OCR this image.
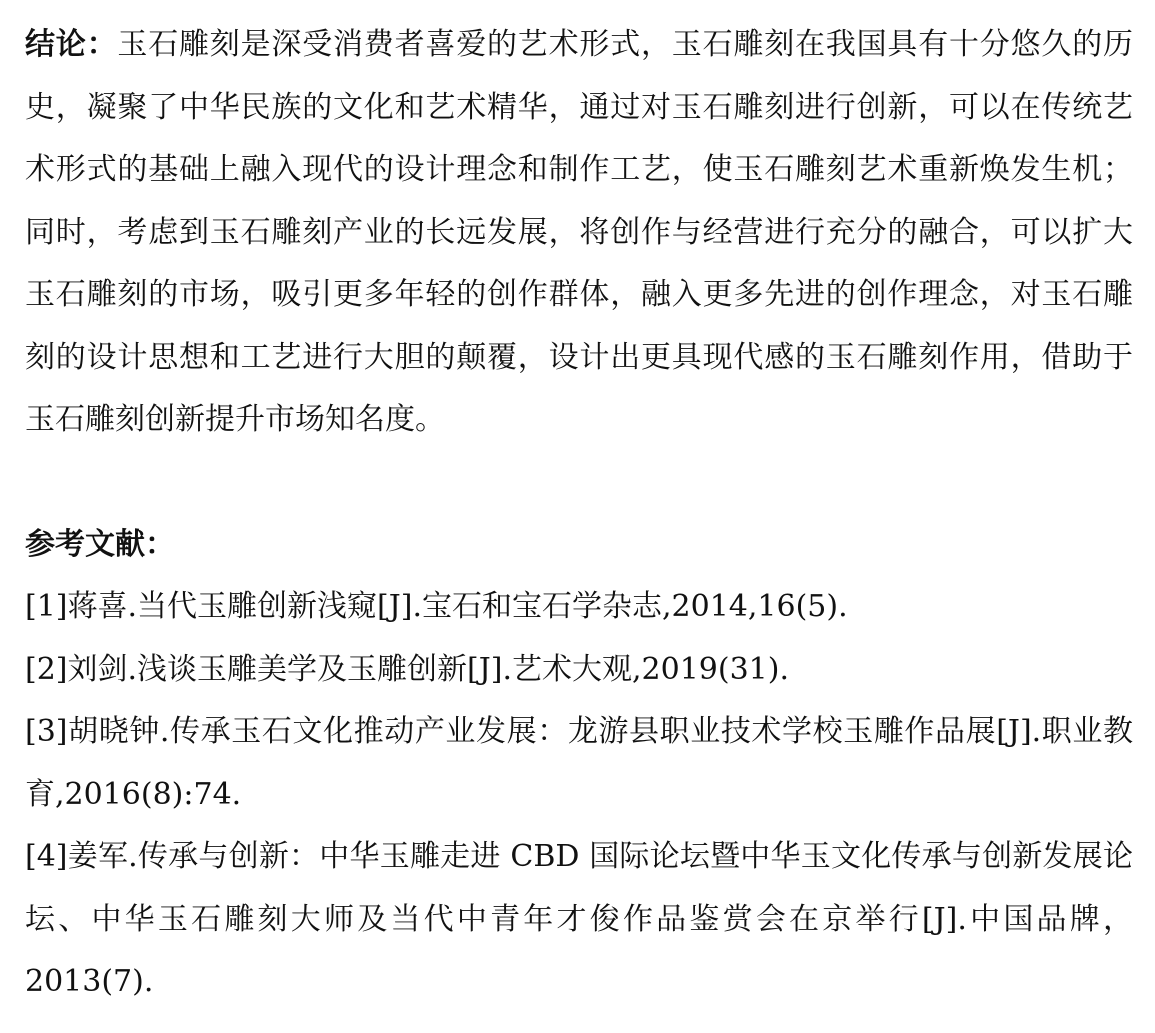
结论：玉石雕刻是深受消费者喜爱的艺术形式，玉石雕刻在我国具有十分悠久的历史，凝聚了中华民族的文化和艺术精华，通过对玉石雕刻进行创新，可以在传统艺术形式的基础上融入现代的设计理念和制作工艺，使玉石雕刻艺术重新焕发生机；同时，考虑到玉石雕刻产业的长远发展，将创作与经营进行充分的融合，可以扩大玉石雕刻的市场，吸引更多年轻的创作群体，融入更多先进的创作理念，对玉石雕刻的设计思想和工艺进行大胆的颠覆，设计出更具现代感的玉石雕刻作用，借助于玉石雕刻创新提升市场知名度。

参考文献：

[1]蒋喜.当代玉雕创新浅窥[J].宝石和宝石学杂志,2014,16(5).

[2]刘剑.浅谈玉雕美学及玉雕创新[J].艺术大观,2019(31).

[3]胡晓钟.传承玉石文化推动产业发展：龙游县职业技术学校玉雕作品展[J].职业教育,2016(8):74.

[4]姜军.传承与创新：中华玉雕走进 CBD 国际论坛暨中华玉文化传承与创新发展论坛、中华玉石雕刻大师及当代中青年才俊作品鉴赏会在京举行[J].中国品牌，2013(7).
